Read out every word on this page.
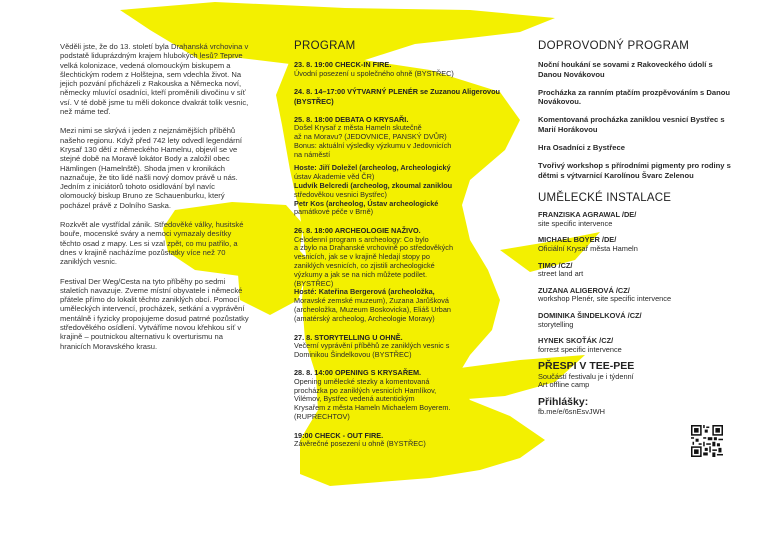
Věděli jste, že do 13. století byla Drahanská vrchovina v podstatě liduprázdným krajem hlubokých lesů? Teprve velká kolonizace, vedená olomouckým biskupem a šlechtickým rodem z Holštejna, sem vdechla život. Na jejich pozvání přicházeli z Rakouska a Německa noví, německy mluvící osadníci, kteří proměnili divočinu v síť vsí. V té době jsme tu měli dokonce dvakrát tolik vesnic, než máme teď.

Mezi nimi se skrývá i jeden z nejznámějších příběhů našeho regionu. Když před 742 lety odvedl legendární Krysař 130 dětí z německého Hamelnu, objevil se ve stejné době na Moravě lokátor Body a založil obec Hämlingen (Hamelnště). Shoda jmen v kronikách naznačuje, že tito lidé našli nový domov právě u nás. Jedním z iniciátorů tohoto osidlování byl navíc olomoucký biskup Bruno ze Schauenburku, který pocházel právě z Dolního Saska.

Rozkvět ale vystřídal zánik. Středověké války, husitské bouře, mocenské sváry a nemoci vymazaly desítky těchto osad z mapy. Les si vzal zpět, co mu patřilo, a dnes v krajině nacházíme pozůstatky více než 70 zaniklých vesnic.

Festival Der Weg/Cesta na tyto příběhy po sedmi staletích navazuje. Zveme místní obyvatele i německé přátele přímo do lokalit těchto zaniklých obcí. Pomocí uměleckých intervencí, procházek, setkání a vyprávění mentálně i fyzicky propojujeme dosud patrné pozůstatky středověkého osídlení. Vytváříme novou křehkou síť v krajině – poutnickou alternativu k overturismu na hranicích Moravského krasu.

PROGRAM
23. 8. 19:00 CHECK-IN FIRE.
Úvodní posezení u společného ohně (BYSTŘEC)
24. 8. 14–17:00 VÝTVARNÝ PLENÉR se Zuzanou Aligerovou (BYSTŘEC)
25. 8. 18:00 DEBATA O KRYSAŘI.
Došel Krysař z města Hameln skutečně
až na Moravu? (JEDOVNICE, PANSKÝ DVŮR)
Bonus: aktuální výsledky výzkumu v Jedovnicích
na náměstí
Hoste: Jiří Doležel (archeolog, Archeologický
ústav Akademie věd ČR)
Ludvík Belcredi (archeolog, zkoumal zaniklou
středověkou vesnici Bystřec)
Petr Kos (archeolog, Ústav archeologické
památkové péče v Brně)
26. 8. 18:00 ARCHEOLOGIE NAŽIVO.
Celodenní program s archeology: Co bylo
a zbylo na Drahanské vrchovině po středověkých
vesnicích, jak se v krajině hledají stopy po
zaniklých vesnicích, co zjistili archeologické
výzkumy a jak se na nich můžete podílet.
(BYSTŘEC)
Hosté: Kateřina Bergerová (archeoložka,
Moravské zemské muzeum), Zuzana Jarůšková
(archeoložka, Muzeum Boskovicka), Eliáš Urban
(amatérský archeolog, Archeologie Moravy)
27. 8. STORYTELLING U OHNĚ.
Večerní vyprávění příběhů ze zaniklých vesnic s
Dominikou Šindelkovou (BYSTŘEC)
28. 8. 14:00 OPENING S KRYSAŘEM.
Opening umělecké stezky a komentovaná
procházka po zaniklých vesnicích Hamlíkov,
Vilémov, Bystřec vedená autentickým
Krysařem z města Hameln Michaelem Boyerem.
(RUPRECHTOV)
19:00 CHECK - OUT FIRE.
Závěrečné posezení u ohně (BYSTŘEC)
DOPROVODNÝ PROGRAM
Noční houkání se sovami z Rakoveckého údolí s Danou Novákovou
Procházka za ranním ptačím prozpěvováním s Danou Novákovou.
Komentovaná procházka zaniklou vesnicí Bystřec s Marií Horákovou
Hra Osadníci z Bystřece
Tvořivý workshop s přírodními pigmenty pro rodiny s dětmi s výtvarnicí Karolínou Švarc Zelenou
UMĚLECKÉ INSTALACE
FRANZISKA AGRAWAL /DE/
site specific intervence
MICHAEL BOYER /DE/
Oficiální Krysař města Hameln
TIMO /CZ/
street land art
ZUZANA ALIGEROVÁ /CZ/
workshop Plenér, site specific intervence
DOMINIKA ŠINDELKOVÁ /CZ/
storytelling
HYNEK SKOŤÁK /CZ/
forrest specific intervence
PŘESPI V TEE-PEE
Součástí festivalu je i týdenní
Art offline camp
Přihlášky:
fb.me/e/6snEsvJWH
